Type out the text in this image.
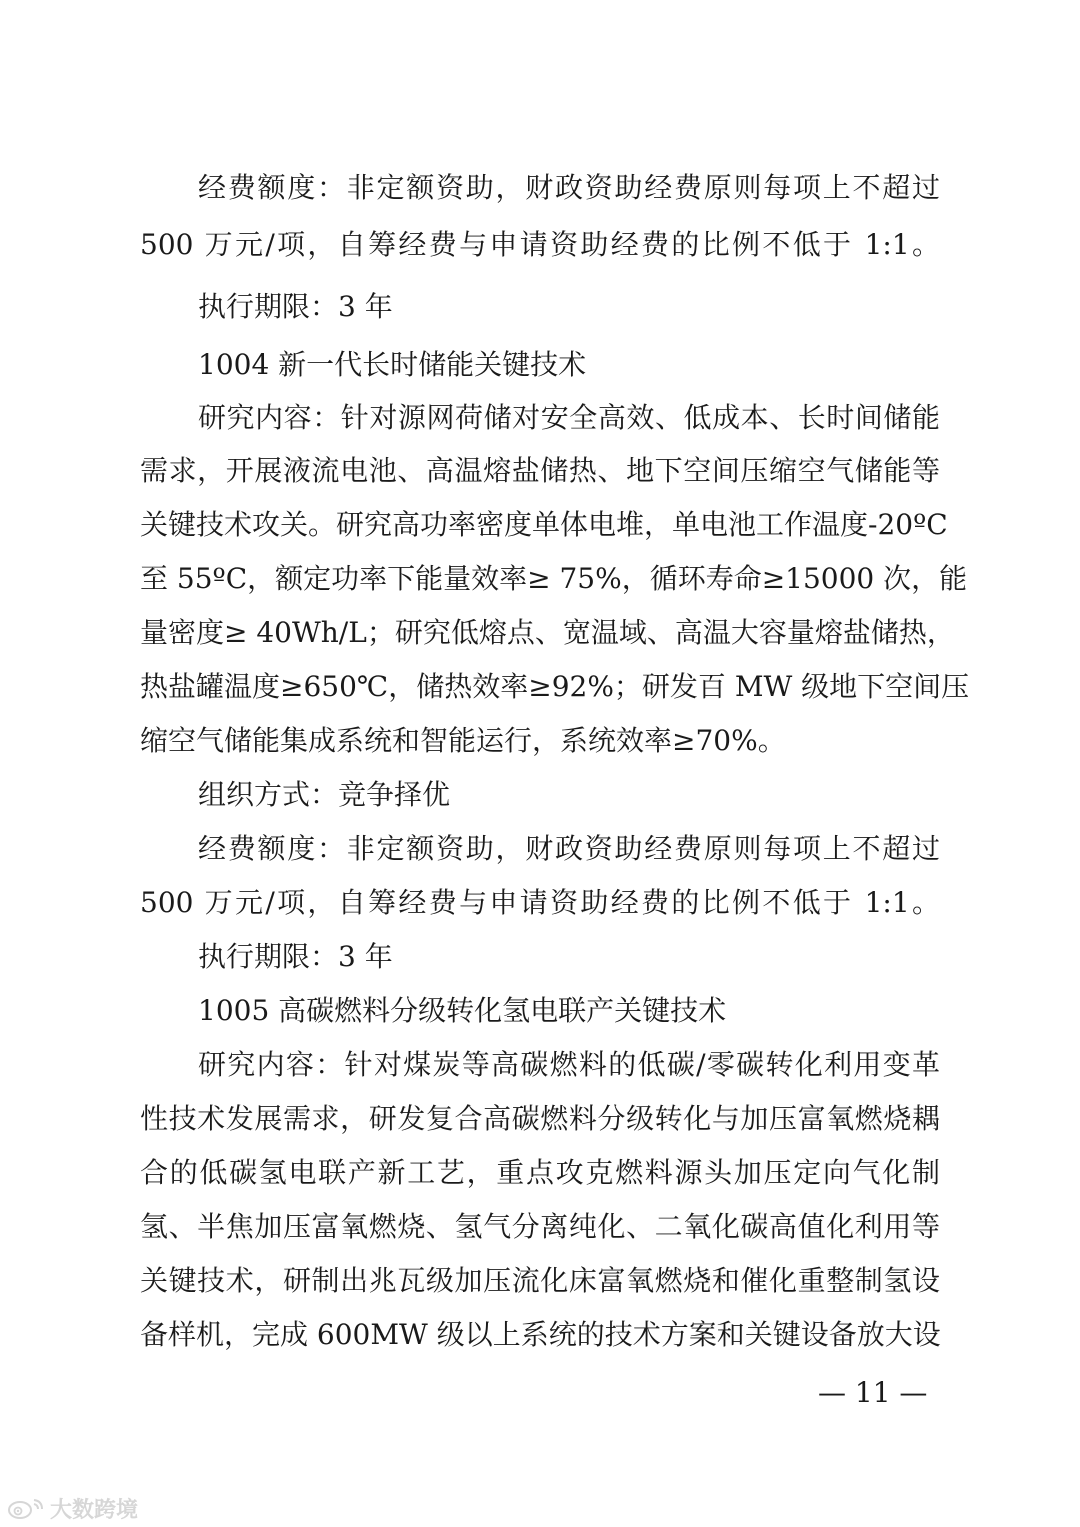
经费额度：非定额资助，财政资助经费原则每项上不超过
500 万元/项，自筹经费与申请资助经费的比例不低于 1:1。
执行期限：3 年
1004 新一代长时储能关键技术
研究内容：针对源网荷储对安全高效、低成本、长时间储能
需求，开展液流电池、高温熔盐储热、地下空间压缩空气储能等
关键技术攻关。研究高功率密度单体电堆，单电池工作温度-20ºC
至 55ºC，额定功率下能量效率≥ 75%，循环寿命≥15000 次，能
量密度≥ 40Wh/L；研究低熔点、宽温域、高温大容量熔盐储热，
热盐罐温度≥650℃，储热效率≥92%；研发百 MW 级地下空间压
缩空气储能集成系统和智能运行，系统效率≥70%。
组织方式：竞争择优
经费额度：非定额资助，财政资助经费原则每项上不超过
500 万元/项，自筹经费与申请资助经费的比例不低于 1:1。
执行期限：3 年
1005 高碳燃料分级转化氢电联产关键技术
研究内容：针对煤炭等高碳燃料的低碳/零碳转化利用变革
性技术发展需求，研发复合高碳燃料分级转化与加压富氧燃烧耦
合的低碳氢电联产新工艺，重点攻克燃料源头加压定向气化制
氢、半焦加压富氧燃烧、氢气分离纯化、二氧化碳高值化利用等
关键技术，研制出兆瓦级加压流化床富氧燃烧和催化重整制氢设
备样机，完成 600MW 级以上系统的技术方案和关键设备放大设
— 11 —
大数跨境
